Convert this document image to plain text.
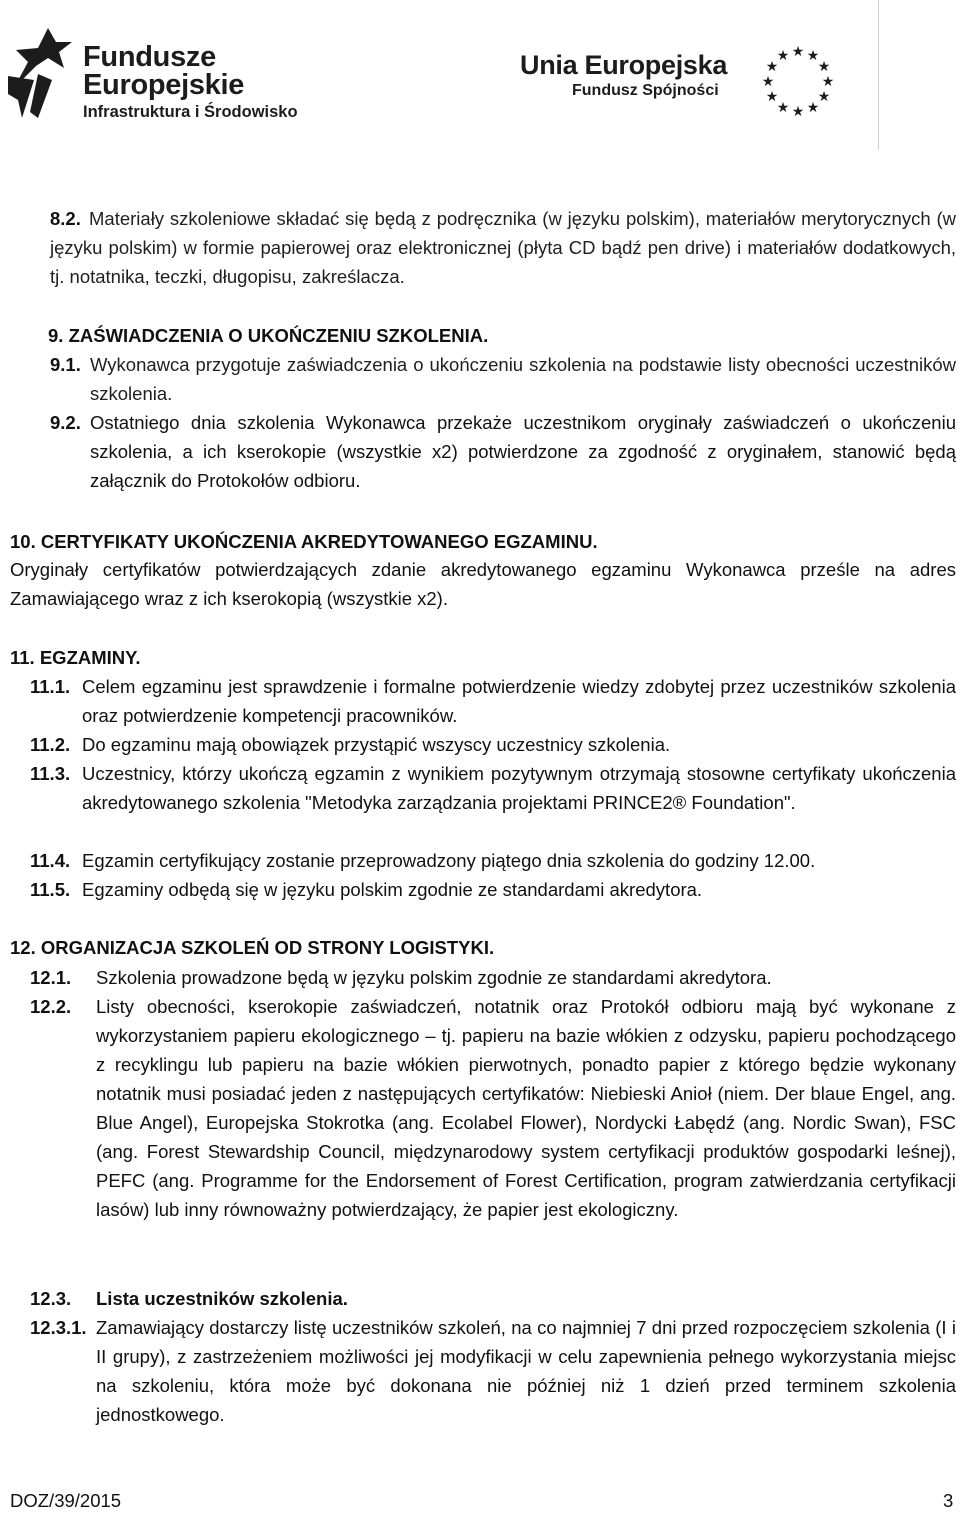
Fundusze
Europejskie
Infrastruktura i Środowisko
Unia Europejska
Fundusz Spójności
★ ★
★
★
★
★
★
★
★
★
★
★
8.2. Materiały szkoleniowe składać się będą z podręcznika (w języku polskim), materiałów merytorycznych (w języku polskim) w formie papierowej oraz elektronicznej (płyta CD bądź pen drive) i materiałów dodatkowych, tj. notatnika, teczki, długopisu, zakreślacza.
9. ZAŚWIADCZENIA O UKOŃCZENIU SZKOLENIA.
9.1. Wykonawca przygotuje zaświadczenia o ukończeniu szkolenia na podstawie listy obecności uczestników szkolenia.
9.2. Ostatniego dnia szkolenia Wykonawca przekaże uczestnikom oryginały zaświadczeń o ukończeniu szkolenia, a ich kserokopie (wszystkie x2) potwierdzone za zgodność z oryginałem, stanowić będą załącznik do Protokołów odbioru.
10. CERTYFIKATY UKOŃCZENIA AKREDYTOWANEGO EGZAMINU.
Oryginały certyfikatów potwierdzających zdanie akredytowanego egzaminu Wykonawca prześle na adres Zamawiającego wraz z ich kserokopią (wszystkie x2).
11. EGZAMINY.
11.1. Celem egzaminu jest sprawdzenie i formalne potwierdzenie wiedzy zdobytej przez uczestników szkolenia oraz potwierdzenie kompetencji pracowników.
11.2. Do egzaminu mają obowiązek przystąpić wszyscy uczestnicy szkolenia.
11.3. Uczestnicy, którzy ukończą egzamin z wynikiem pozytywnym otrzymają stosowne certyfikaty ukończenia akredytowanego szkolenia "Metodyka zarządzania projektami PRINCE2® Foundation".
11.4. Egzamin certyfikujący zostanie przeprowadzony piątego dnia szkolenia do godziny 12.00.
11.5. Egzaminy odbędą się w języku polskim zgodnie ze standardami akredytora.
12. ORGANIZACJA SZKOLEŃ OD STRONY LOGISTYKI.
12.1. Szkolenia prowadzone będą w języku polskim zgodnie ze standardami akredytora.
12.2. Listy obecności, kserokopie zaświadczeń, notatnik oraz Protokół odbioru mają być wykonane z wykorzystaniem papieru ekologicznego – tj. papieru na bazie włókien z odzysku, papieru pochodzącego z recyklingu lub papieru na bazie włókien pierwotnych, ponadto papier z którego będzie wykonany notatnik musi posiadać jeden z następujących certyfikatów: Niebieski Anioł (niem. Der blaue Engel, ang. Blue Angel), Europejska Stokrotka (ang. Ecolabel Flower), Nordycki Łabędź (ang. Nordic Swan), FSC (ang. Forest Stewardship Council, międzynarodowy system certyfikacji produktów gospodarki leśnej), PEFC (ang. Programme for the Endorsement of Forest Certification, program zatwierdzania certyfikacji lasów) lub inny równoważny potwierdzający, że papier jest ekologiczny.
12.3. Lista uczestników szkolenia.
12.3.1. Zamawiający dostarczy listę uczestników szkoleń, na co najmniej 7 dni przed rozpoczęciem szkolenia (I i II grupy), z zastrzeżeniem możliwości jej modyfikacji w celu zapewnienia pełnego wykorzystania miejsc na szkoleniu, która może być dokonana nie później niż 1 dzień przed terminem szkolenia jednostkowego.
DOZ/39/2015	3
